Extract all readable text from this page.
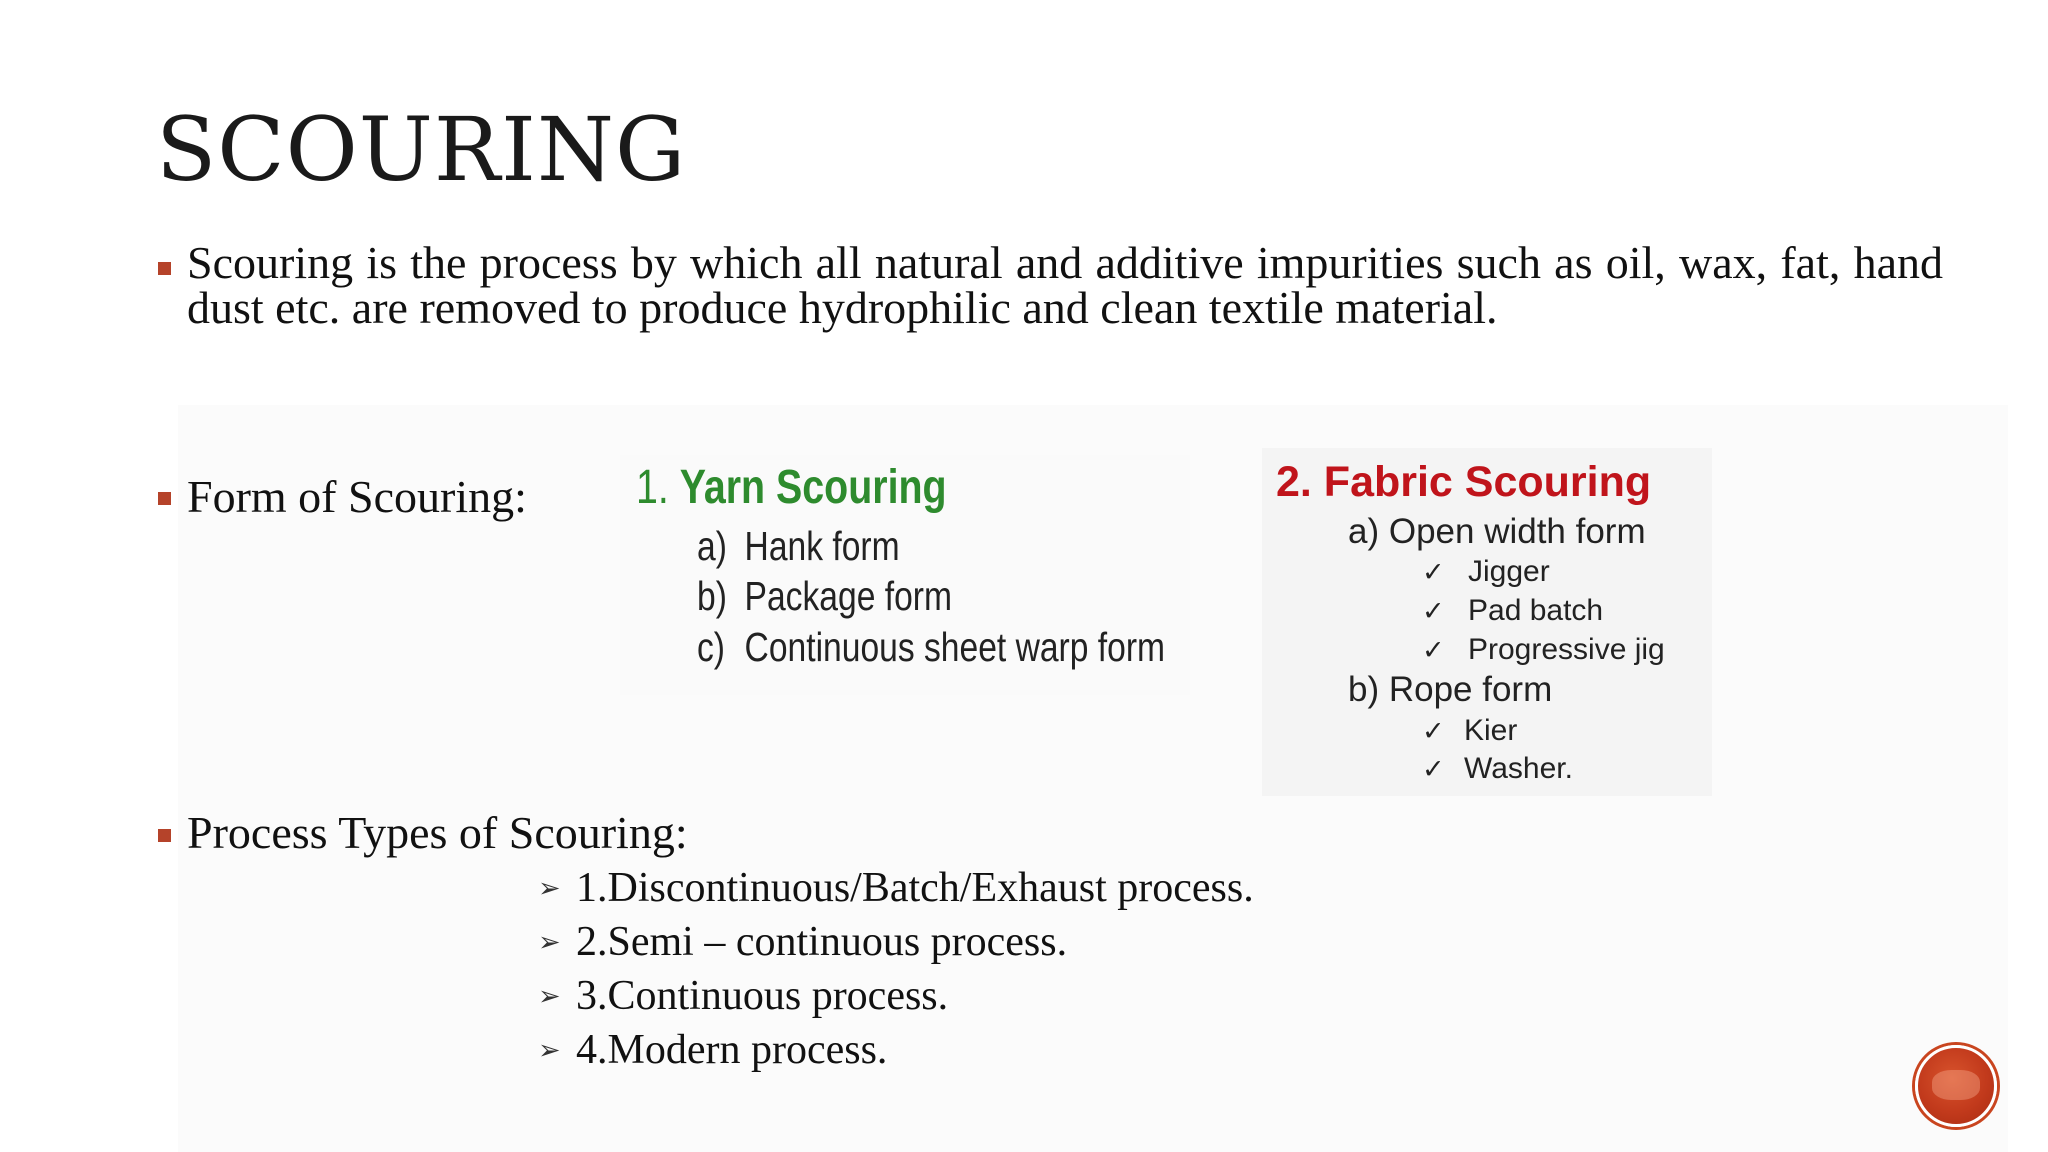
SCOURING

Scouring is the process by which all natural and additive impurities such as oil, wax, fat, hand dust etc. are removed to produce hydrophilic and clean textile material.

Form of Scouring: 1. Yarn Scouring
a) Hank form
b) Package form
c) Continuous sheet warp form
2. Fabric Scouring
a) Open width form
✓ Jigger
✓ Pad batch
✓ Progressive jig
b) Rope form
✓ Kier
✓ Washer.

Process Types of Scouring:

➢ 1.Discontinuous/Batch/Exhaust process.
➢ 2.Semi – continuous process.
➢ 3.Continuous process.
➢ 4.Modern process.
